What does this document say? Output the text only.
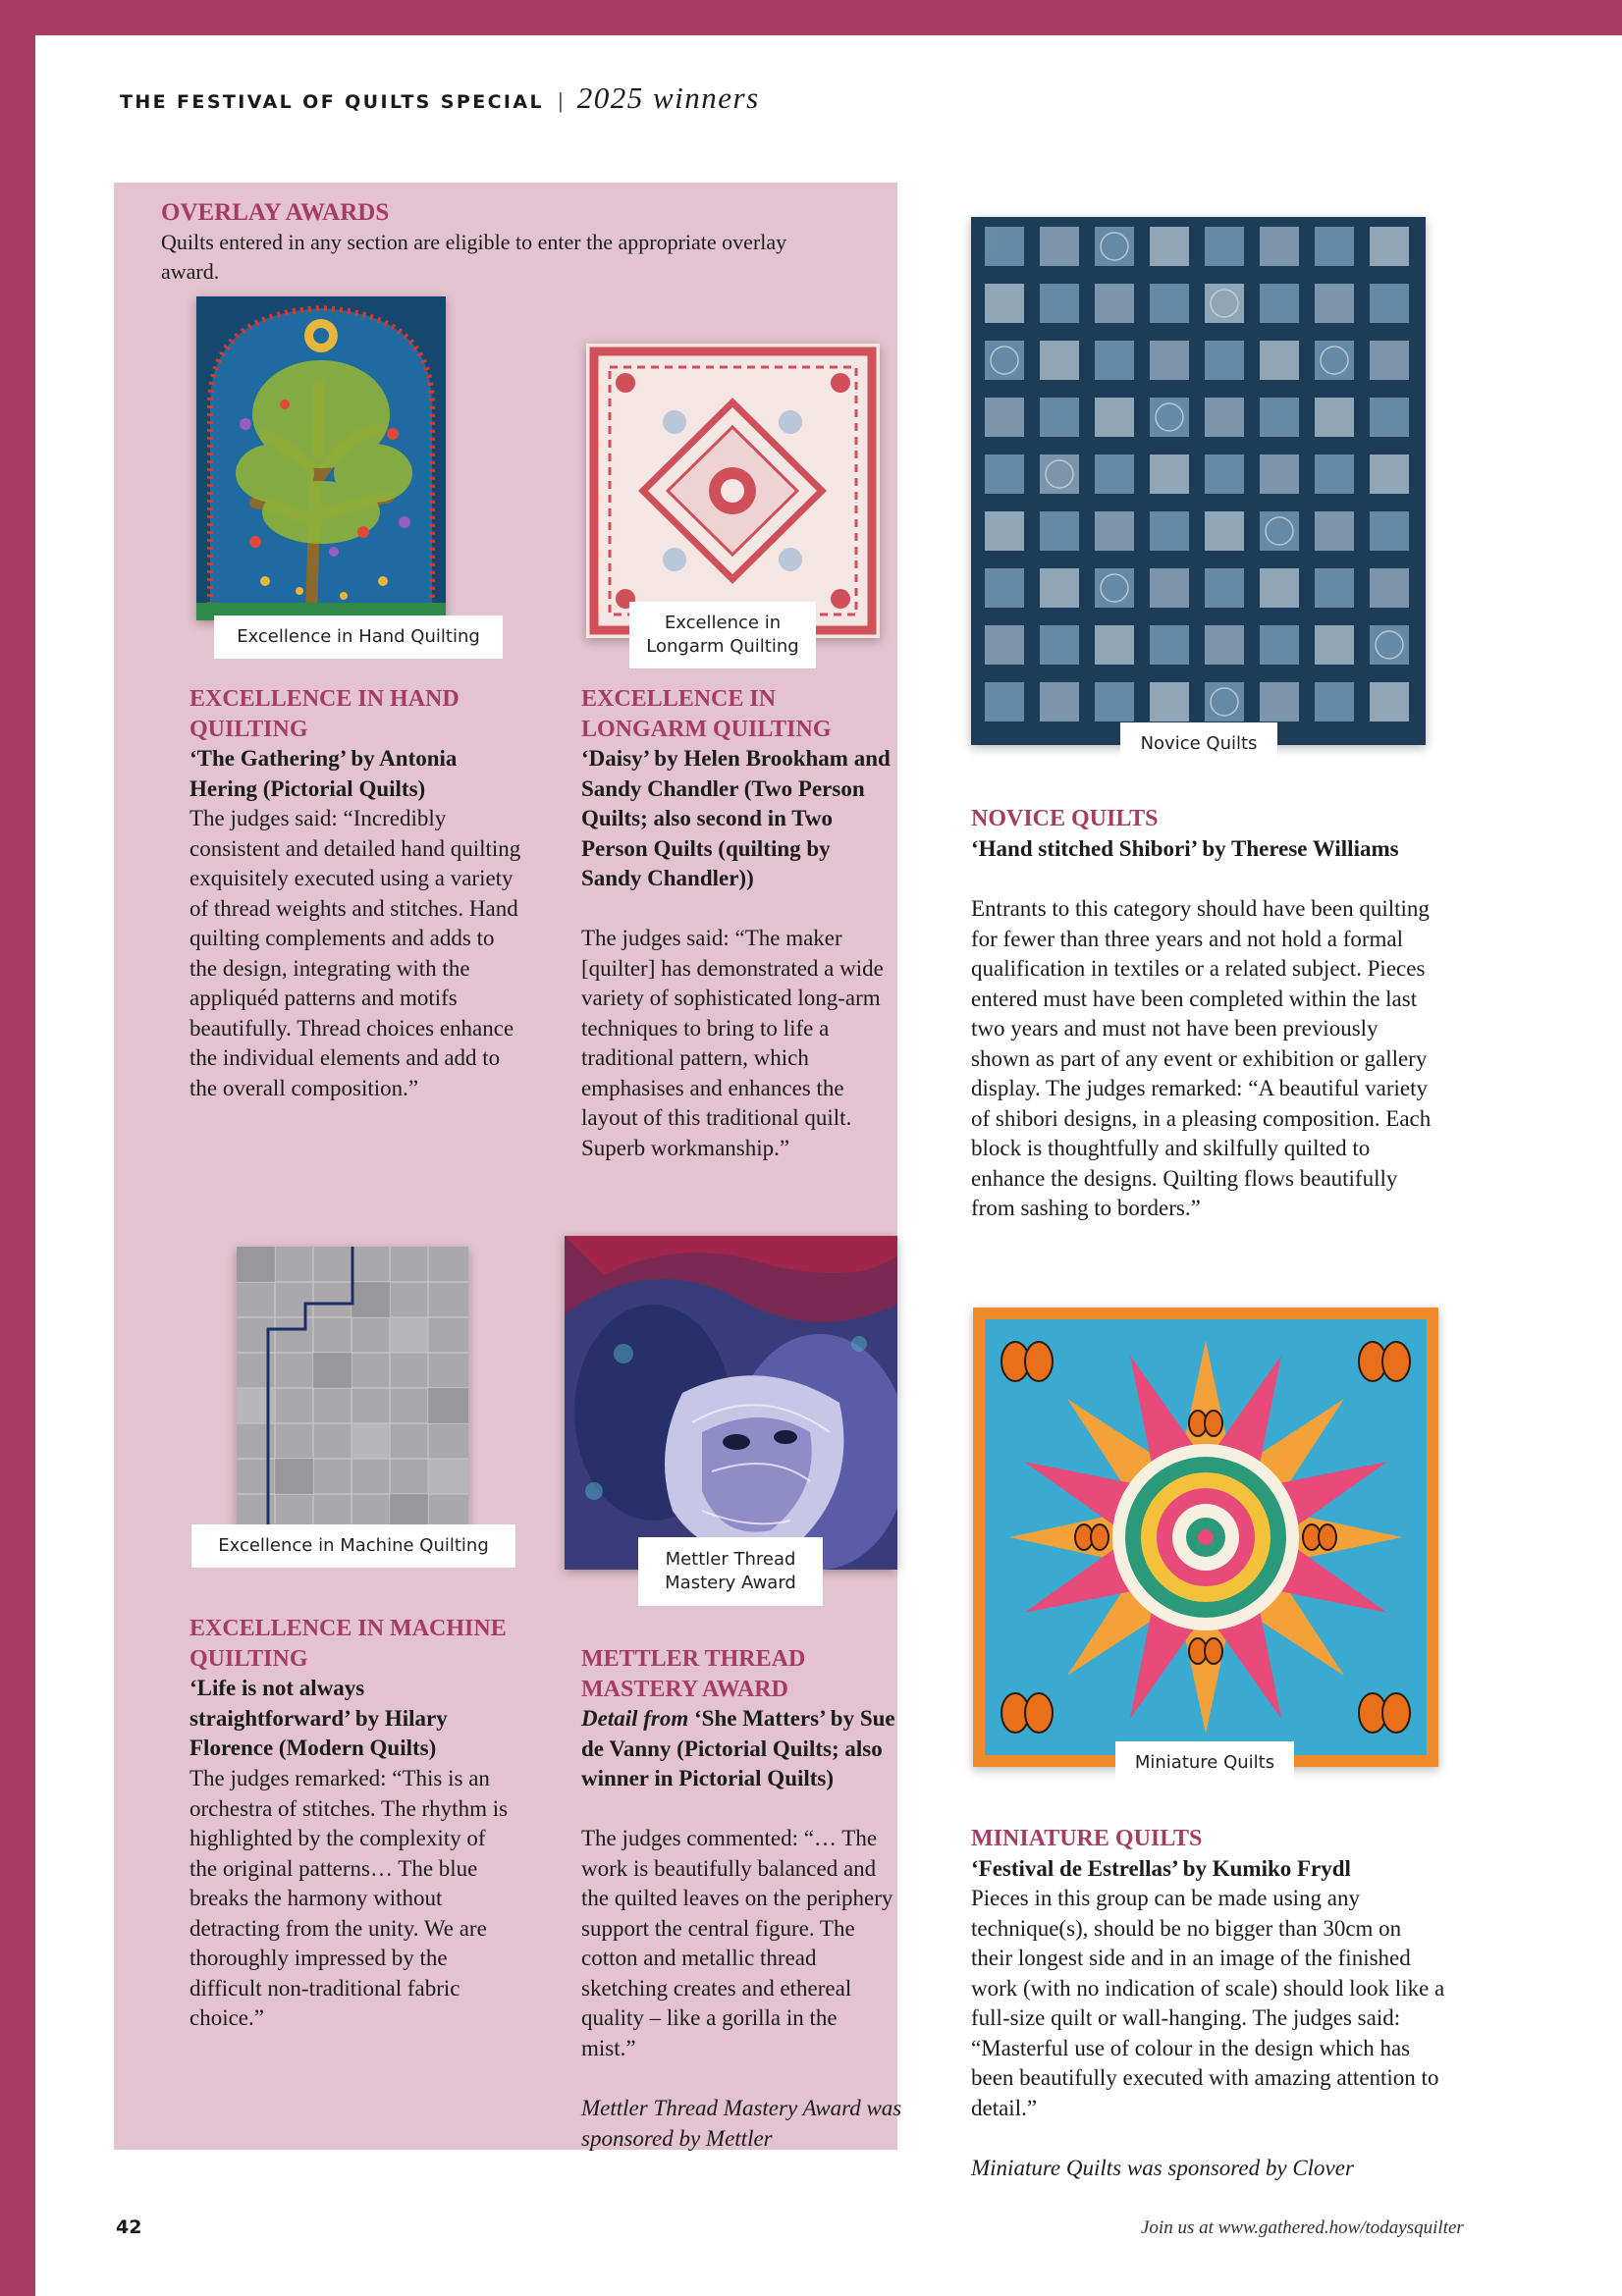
THE FESTIVAL OF QUILTS SPECIAL | 2025 winners
OVERLAY AWARDS

Quilts entered in any section are eligible to enter the appropriate overlay award.

Excellence in Hand Quilting
Excellence in Longarm Quilting
Novice Quilts
EXCELLENCE IN HAND QUILTING

‘The Gathering’ by Antonia Hering (Pictorial Quilts)

The judges said: “Incredibly consistent and detailed hand quilting exquisitely executed using a variety of thread weights and stitches. Hand quilting complements and adds to the design, integrating with the appliquéd patterns and motifs beautifully. Thread choices enhance the individual elements and add to the overall composition.”

EXCELLENCE IN LONGARM QUILTING

‘Daisy’ by Helen Brookham and Sandy Chandler (Two Person Quilts; also second in Two Person Quilts (quilting by Sandy Chandler))

The judges said: “The maker [quilter] has demonstrated a wide variety of sophisticated long-arm techniques to bring to life a traditional pattern, which emphasises and enhances the layout of this traditional quilt. Superb workmanship.”

NOVICE QUILTS

‘Hand stitched Shibori’ by Therese Williams

Entrants to this category should have been quilting for fewer than three years and not hold a formal qualification in textiles or a related subject. Pieces entered must have been completed within the last two years and must not have been previously shown as part of any event or exhibition or gallery display. The judges remarked: “A beautiful variety of shibori designs, in a pleasing composition. Each block is thoughtfully and skilfully quilted to enhance the designs. Quilting flows beautifully from sashing to borders.”

Excellence in Machine Quilting
Mettler Thread Mastery Award
Miniature Quilts
EXCELLENCE IN MACHINE QUILTING

‘Life is not always straightforward’ by Hilary Florence (Modern Quilts)

The judges remarked: “This is an orchestra of stitches. The rhythm is highlighted by the complexity of the original patterns… The blue breaks the harmony without detracting from the unity. We are thoroughly impressed by the difficult non-traditional fabric choice.”

METTLER THREAD MASTERY AWARD

Detail from ‘She Matters’ by Sue de Vanny (Pictorial Quilts; also winner in Pictorial Quilts)

The judges commented: “… The work is beautifully balanced and the quilted leaves on the periphery support the central figure. The cotton and metallic thread sketching creates and ethereal quality – like a gorilla in the mist.”

Mettler Thread Mastery Award was sponsored by Mettler

MINIATURE QUILTS

‘Festival de Estrellas’ by Kumiko Frydl

Pieces in this group can be made using any technique(s), should be no bigger than 30cm on their longest side and in an image of the finished work (with no indication of scale) should look like a full-size quilt or wall-hanging. The judges said: “Masterful use of colour in the design which has been beautifully executed with amazing attention to detail.”

Miniature Quilts was sponsored by Clover

42	Join us at www.gathered.how/todaysquilter
